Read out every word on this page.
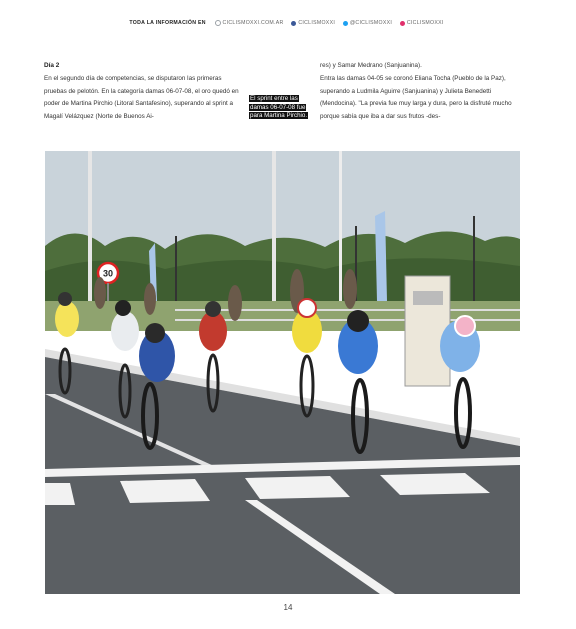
TODA LA INFORMACIÓN EN	CICLISMOXXI.COM.AR	CICLISMOXXI	@CICLISMOXXI	CICLISMOXXI

Día 2

En el segundo día de competencias, se disputaron las primeras pruebas de pelotón. En la categoría damas 06-07-08, el oro quedó en poder de Martina Pirchio (Litoral Santafesino), superando al sprint a Magalí Velázquez (Norte de Buenos Ai-

El sprint entre las damas 06-07-08 fue para Martina Pirchio.

res) y Samar Medrano (Sanjuanina).

Entra las damas 04-05 se coronó Eliana Tocha (Pueblo de la Paz), superando a Ludmila Aguirre (Sanjuanina) y Julieta Benedetti (Mendocina). "La previa fue muy larga y dura, pero la disfruté mucho porque sabía que iba a dar sus frutos -des-

30
14
